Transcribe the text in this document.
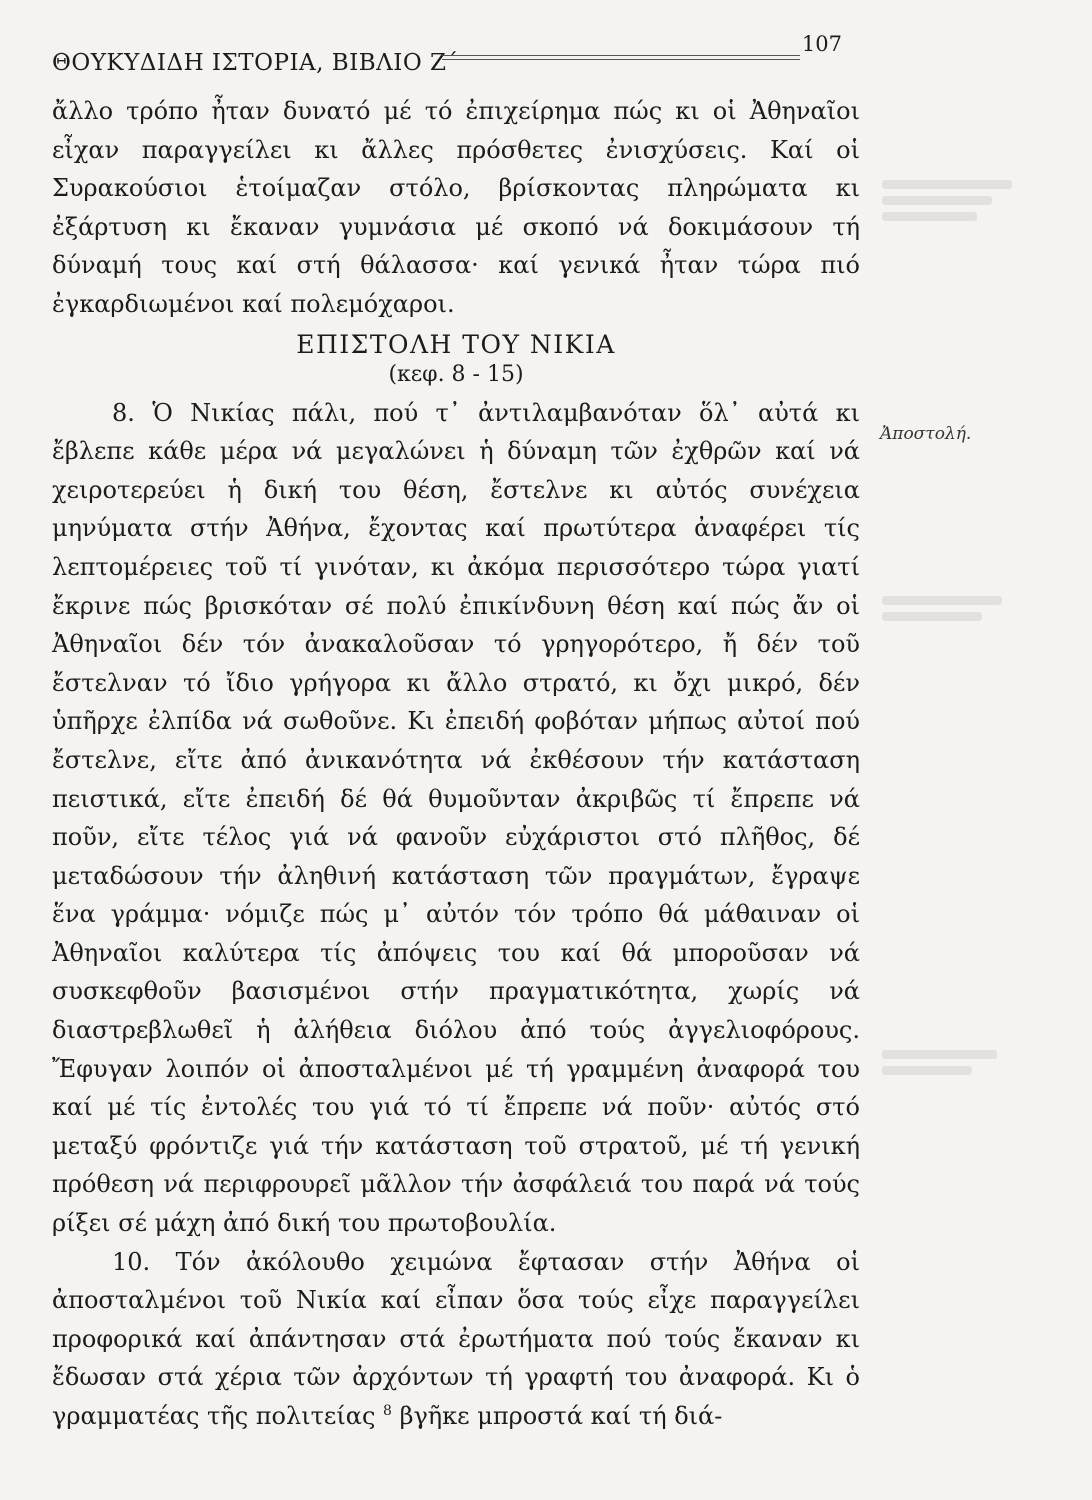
ΘΟΥΚΥΔΙΔΗ ΙΣΤΟΡΙΑ, ΒΙΒΛΙΟ Ζ΄
107

ἄλλο τρόπο ἦταν δυνατό μέ τό ἐπιχείρημα πώς κι οἱ Ἀθηναῖοι εἶχαν παραγγείλει κι ἄλλες πρόσθετες ἐνισχύσεις. Καί οἱ Συρακούσιοι ἑτοίμαζαν στόλο, βρίσκοντας πληρώματα κι ἐξάρτυση κι ἔκαναν γυμνάσια μέ σκοπό νά δοκιμάσουν τή δύναμή τους καί στή θάλασσα· καί γενικά ἦταν τώρα πιό ἐγκαρδιωμένοι καί πολεμόχαροι.

ΕΠΙΣΤΟΛΗ ΤΟΥ ΝΙΚΙΑ
(κεφ. 8 - 15)

8. Ὁ Νικίας πάλι, πού τ᾽ ἀντιλαμβανόταν ὅλ᾽ αὐτά κι ἔβλεπε κάθε μέρα νά μεγαλώνει ἡ δύναμη τῶν ἐχθρῶν καί νά χειροτερεύει ἡ δική του θέση, ἔστελνε κι αὐτός συνέχεια μηνύματα στήν Ἀθήνα, ἔχοντας καί πρωτύτερα ἀναφέρει τίς λεπτομέρειες τοῦ τί γινόταν, κι ἀκόμα περισσότερο τώρα γιατί ἔκρινε πώς βρισκόταν σέ πολύ ἐπικίνδυνη θέση καί πώς ἄν οἱ Ἀθηναῖοι δέν τόν ἀνακαλοῦσαν τό γρηγορότερο, ἤ δέν τοῦ ἔστελναν τό ἴδιο γρήγορα κι ἄλλο στρατό, κι ὄχι μικρό, δέν ὑπῆρχε ἐλπίδα νά σωθοῦνε. Κι ἐπειδή φοβόταν μήπως αὐτοί πού ἔστελνε, εἴτε ἀπό ἀνικανότητα νά ἐκθέσουν τήν κατάσταση πειστικά, εἴτε ἐπειδή δέ θά θυμοῦνταν ἀκριβῶς τί ἔπρεπε νά ποῦν, εἴτε τέλος γιά νά φανοῦν εὐχάριστοι στό πλῆθος, δέ μεταδώσουν τήν ἀληθινή κατάσταση τῶν πραγμάτων, ἔγραψε ἕνα γράμμα· νόμιζε πώς μ᾽ αὐτόν τόν τρόπο θά μάθαιναν οἱ Ἀθηναῖοι καλύτερα τίς ἀπόψεις του καί θά μποροῦσαν νά συσκεφθοῦν βασισμένοι στήν πραγματικότητα, χωρίς νά διαστρεβλωθεῖ ἡ ἀλήθεια διόλου ἀπό τούς ἀγγελιοφόρους. Ἔφυγαν λοιπόν οἱ ἀποσταλμένοι μέ τή γραμμένη ἀναφορά του καί μέ τίς ἐντολές του γιά τό τί ἔπρεπε νά ποῦν· αὐτός στό μεταξύ φρόντιζε γιά τήν κατάσταση τοῦ στρατοῦ, μέ τή γενική πρόθεση νά περιφρουρεῖ μᾶλλον τήν ἀσφάλειά του παρά νά τούς ρίξει σέ μάχη ἀπό δική του πρωτοβουλία.

10. Τόν ἀκόλουθο χειμώνα ἔφτασαν στήν Ἀθήνα οἱ ἀποσταλμένοι τοῦ Νικία καί εἶπαν ὅσα τούς εἶχε παραγγείλει προφορικά καί ἀπάντησαν στά ἐρωτήματα πού τούς ἔκαναν κι ἔδωσαν στά χέρια τῶν ἀρχόντων τή γραφτή του ἀναφορά. Κι ὁ γραμματέας τῆς πολιτείας $^8$ βγῆκε μπροστά καί τή διά-

Ἀποστολή.
